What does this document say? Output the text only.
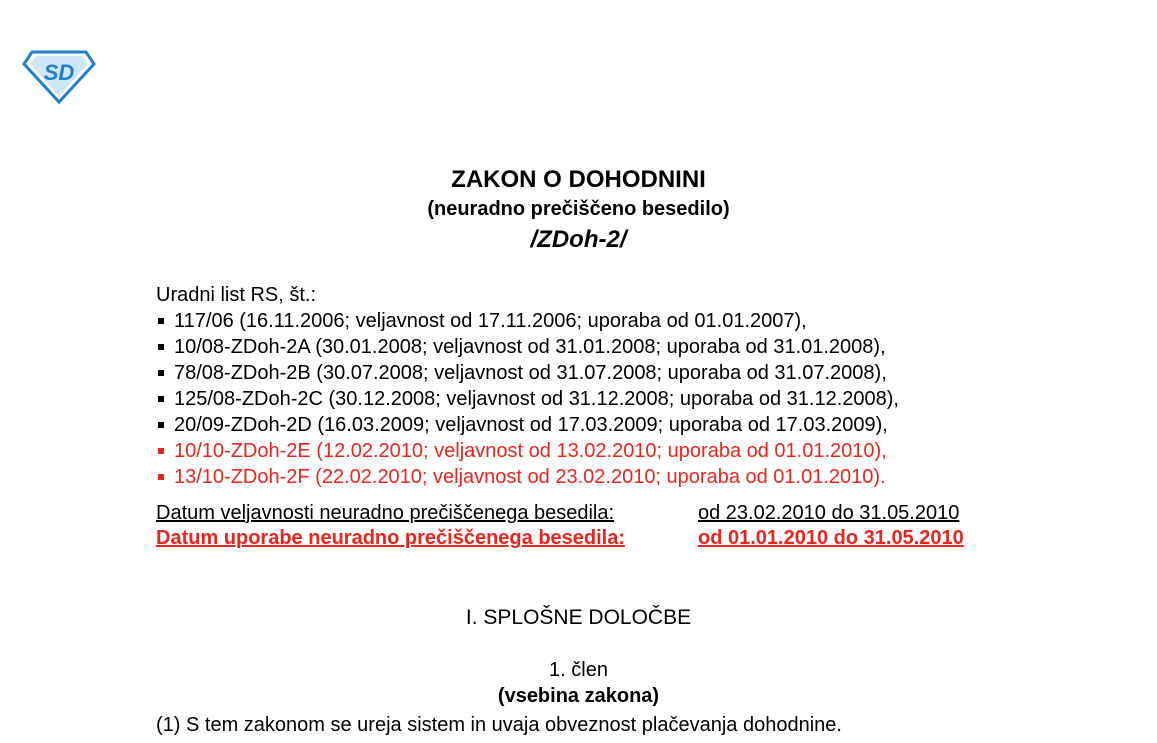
SD
ZAKON O DOHODNINI
(neuradno prečiščeno besedilo)
/ZDoh-2/
Uradni list RS, št.:
117/06 (16.11.2006; veljavnost od 17.11.2006; uporaba od 01.01.2007),
10/08-ZDoh-2A (30.01.2008; veljavnost od 31.01.2008; uporaba od 31.01.2008),
78/08-ZDoh-2B (30.07.2008; veljavnost od 31.07.2008; uporaba od 31.07.2008),
125/08-ZDoh-2C (30.12.2008; veljavnost od 31.12.2008; uporaba od 31.12.2008),
20/09-ZDoh-2D (16.03.2009; veljavnost od 17.03.2009; uporaba od 17.03.2009),
10/10-ZDoh-2E (12.02.2010; veljavnost od 13.02.2010; uporaba od 01.01.2010),
13/10-ZDoh-2F (22.02.2010; veljavnost od 23.02.2010; uporaba od 01.01.2010).
Datum veljavnosti neuradno prečiščenega besedila:	od 23.02.2010 do 31.05.2010
Datum uporabe neuradno prečiščenega besedila:	od 01.01.2010 do 31.05.2010
I. SPLOŠNE DOLOČBE
1. člen
(vsebina zakona)
(1) S tem zakonom se ureja sistem in uvaja obveznost plačevanja dohodnine.
